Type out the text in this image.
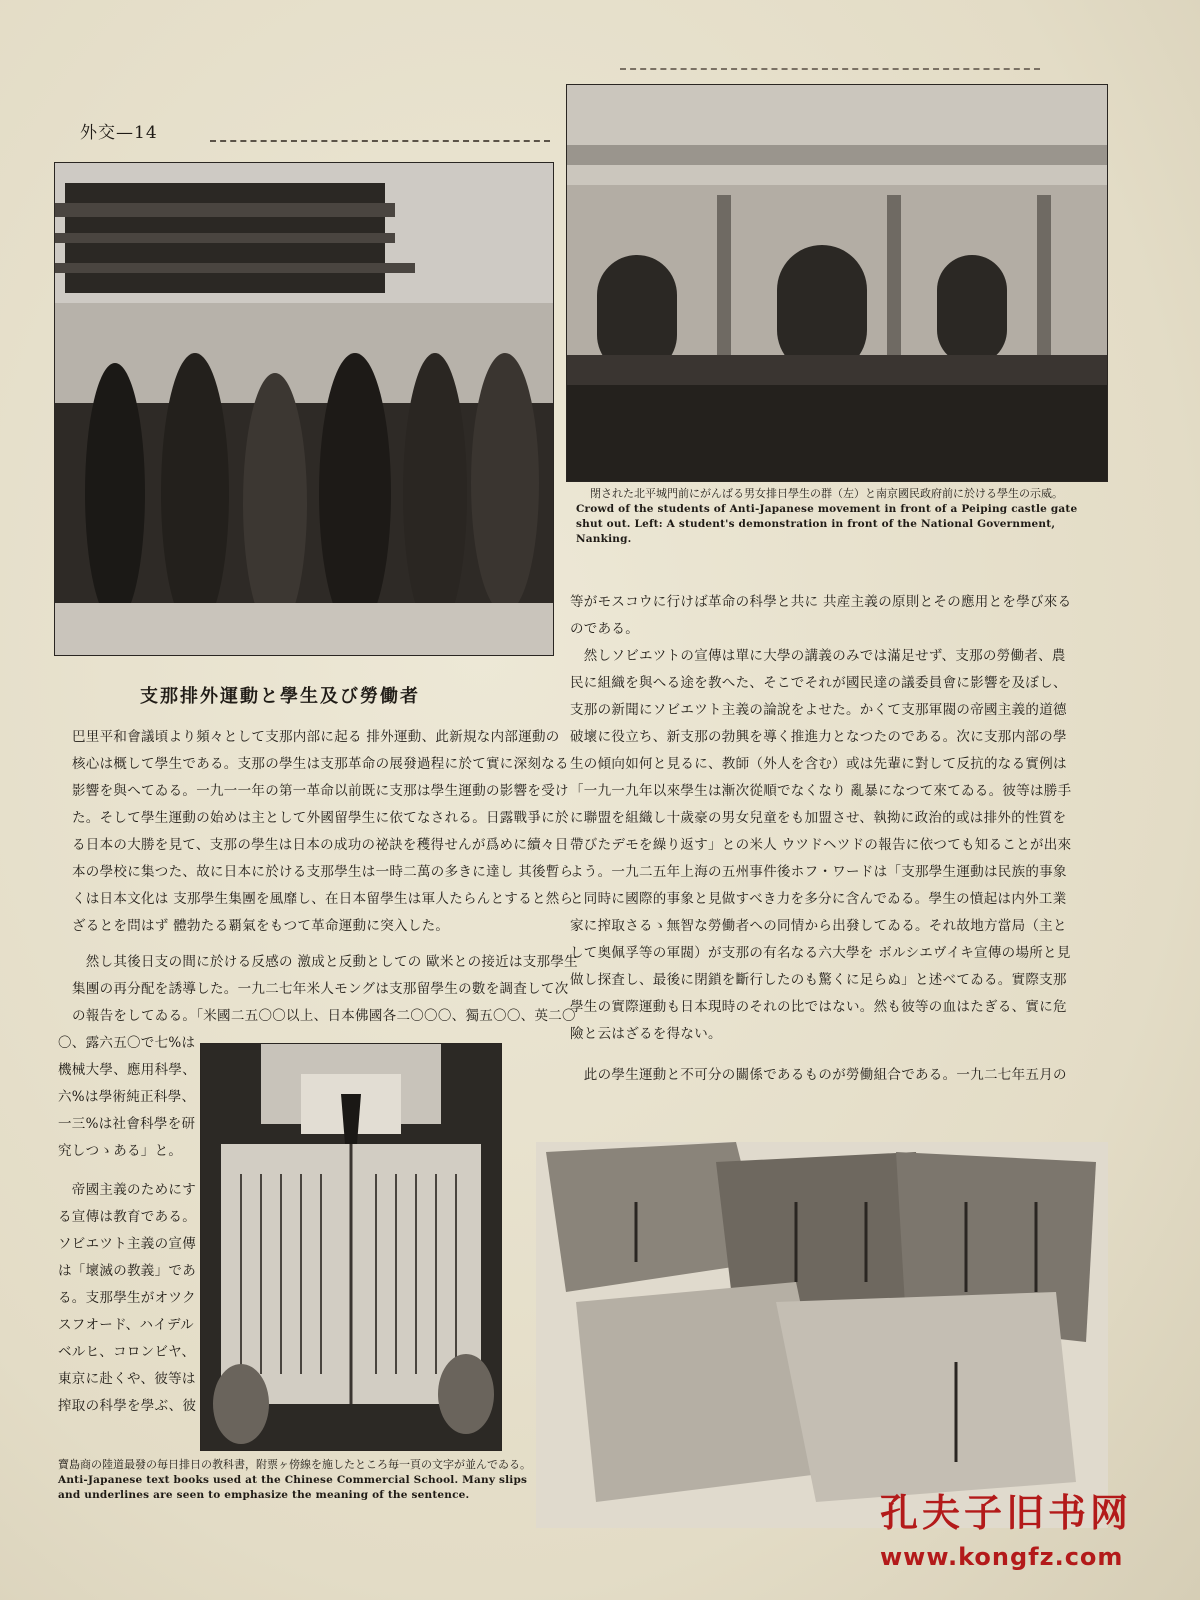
外交—14
閉された北平城門前にがんばる男女排日學生の群（左）と南京國民政府前に於ける學生の示威。
Crowd of the students of Anti-Japanese movement in front of a Peiping castle gate
shut out. Left: A student's demonstration in front of the National Government,
Nanking.
支那排外運動と學生及び勞働者
巴里平和會議頃より頻々として支那内部に起る 排外運動、此新規な内部運動の
核心は概して學生である。支那の學生は支那革命の展發過程に於て實に深刻なる
影響を與へてゐる。一九一一年の第一革命以前既に支那は學生運動の影響を受け
た。そして學生運動の始めは主として外國留學生に依てなされる。日露戰爭に於
る日本の大勝を見て、支那の學生は日本の成功の祕訣を穫得せんが爲めに續々日
本の學校に集つた、故に日本に於ける支那學生は一時二萬の多きに達し 其後暫ら
くは日本文化は 支那學生集團を風靡し、在日本留學生は軍人たらんとすると然ら
ざるとを問はず 體勃たる覇氣をもつて革命運動に突入した。
　然し其後日支の間に於ける反感の 激成と反動としての 歐米との接近は支那學生
集團の再分配を誘導した。一九二七年米人モングは支那留學生の數を調査して次
の報告をしてゐる。「米國二五〇〇以上、日本佛國各二〇〇〇、獨五〇〇、英二〇
〇、露六五〇で七%は
機械大學、應用科學、
六%は學術純正科學、
一三%は社會科學を研
究しつゝある」と。
　帝國主義のためにす
る宣傳は教育である。
ソビエツト主義の宣傳
は「壞滅の教義」であ
る。支那學生がオツク
スフオード、ハイデル
ベルヒ、コロンビヤ、
東京に赴くや、彼等は
搾取の科學を學ぶ、彼
寶島商の陸道最發の毎日排日の教科書，附票ヶ傍線を施したところ毎一頁の文字が並んでゐる。
Anti-Japanese text books used at the Chinese Commercial School. Many slips
and underlines are seen to emphasize the meaning of the sentence.
等がモスコウに行けば革命の科學と共に 共産主義の原則とその應用とを學び來る
のである。
　然しソビエツトの宣傳は單に大學の講義のみでは滿足せず、支那の勞働者、農
民に組織を與へる途を教へた、そこでそれが國民達の議委員會に影響を及ぼし、
支那の新聞にソビエツト主義の論說をよせた。かくて支那軍閥の帝國主義的道德
破壞に役立ち、新支那の勃興を導く推進力となつたのである。次に支那内部の學
生の傾向如何と見るに、教師（外人を含む）或は先輩に對して反抗的なる實例は
「一九一九年以來學生は漸次從順でなくなり 亂暴になつて來てゐる。彼等は勝手
に聯盟を組織し十歲豪の男女兒童をも加盟させ、執拗に政治的或は排外的性質を
帶びたデモを繰り返す」との米人 ウツドヘツドの報告に依つても知ることが出來
よう。一九二五年上海の五州事件後ホフ・ワードは「支那學生運動は民族的事象
と同時に國際的事象と見做すべき力を多分に含んでゐる。學生の憤起は内外工業
家に搾取さるゝ無智な勞働者への同情から出發してゐる。それ故地方當局（主と
して奥佩孚等の軍閥）が支那の有名なる六大學を ボルシエヴイキ宣傳の場所と見
做し探査し、最後に閉鎖を斷行したのも驚くに足らぬ」と述べてゐる。實際支那
學生の實際運動も日本現時のそれの比ではない。然も彼等の血はたぎる、實に危
險と云はざるを得ない。
　此の學生運動と不可分の關係であるものが勞働組合である。一九二七年五月の
孔夫子旧书网
www.kongfz.com
